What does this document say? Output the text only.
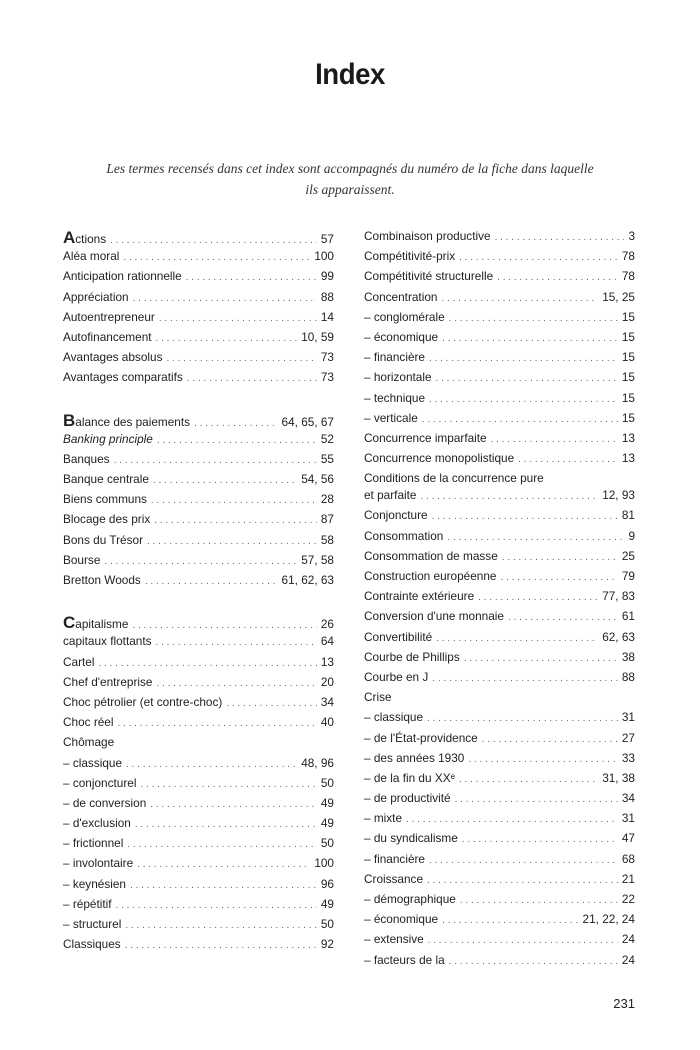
Index
Les termes recensés dans cet index sont accompagnés du numéro de la fiche dans laquelle ils apparaissent.
Actions . . .	57
Aléa moral . . .	100
Anticipation rationnelle . . .	99
Appréciation . . .	88
Autoentrepreneur . . .	14
Autofinancement . . .	10, 59
Avantages absolus . . .	73
Avantages comparatifs . . .	73
Balance des paiements . . .	64, 65, 67
Banking principle . . .	52
Banques . . .	55
Banque centrale . . .	54, 56
Biens communs . . .	28
Blocage des prix . . .	87
Bons du Trésor . . .	58
Bourse . . .	57, 58
Bretton Woods . . .	61, 62, 63
Capitalisme . . .	26
capitaux flottants . . .	64
Cartel . . .	13
Chef d'entreprise . . .	20
Choc pétrolier (et contre-choc) . . .	34
Choc réel . . .	40
Chômage
– classique . . .	48, 96
– conjoncturel . . .	50
– de conversion . . .	49
– d'exclusion . . .	49
– frictionnel . . .	50
– involontaire . . .	100
– keynésien . . .	96
– répétitif . . .	49
– structurel . . .	50
Classiques . . .	92
Combinaison productive . . .	3
Compétitivité-prix . . .	78
Compétitivité structurelle . . .	78
Concentration . . .	15, 25
– conglomérale . . .	15
– économique . . .	15
– financière . . .	15
– horizontale . . .	15
– technique . . .	15
– verticale . . .	15
Concurrence imparfaite . . .	13
Concurrence monopolistique . . .	13
Conditions de la concurrence pure
et parfaite . . .	12, 93
Conjoncture . . .	81
Consommation . . .	9
Consommation de masse . . .	25
Construction européenne . . .	79
Contrainte extérieure . . .	77, 83
Conversion d'une monnaie . . .	61
Convertibilité . . .	62, 63
Courbe de Phillips . . .	38
Courbe en J . . .	88
Crise
– classique . . .	31
– de l'État-providence . . .	27
– des années 1930 . . .	33
– de la fin du XXᵉ . . .	31, 38
– de productivité . . .	34
– mixte . . .	31
– du syndicalisme . . .	47
– financière . . .	68
Croissance . . .	21
– démographique . . .	22
– économique . . .	21, 22, 24
– extensive . . .	24
– facteurs de la . . .	24
231
